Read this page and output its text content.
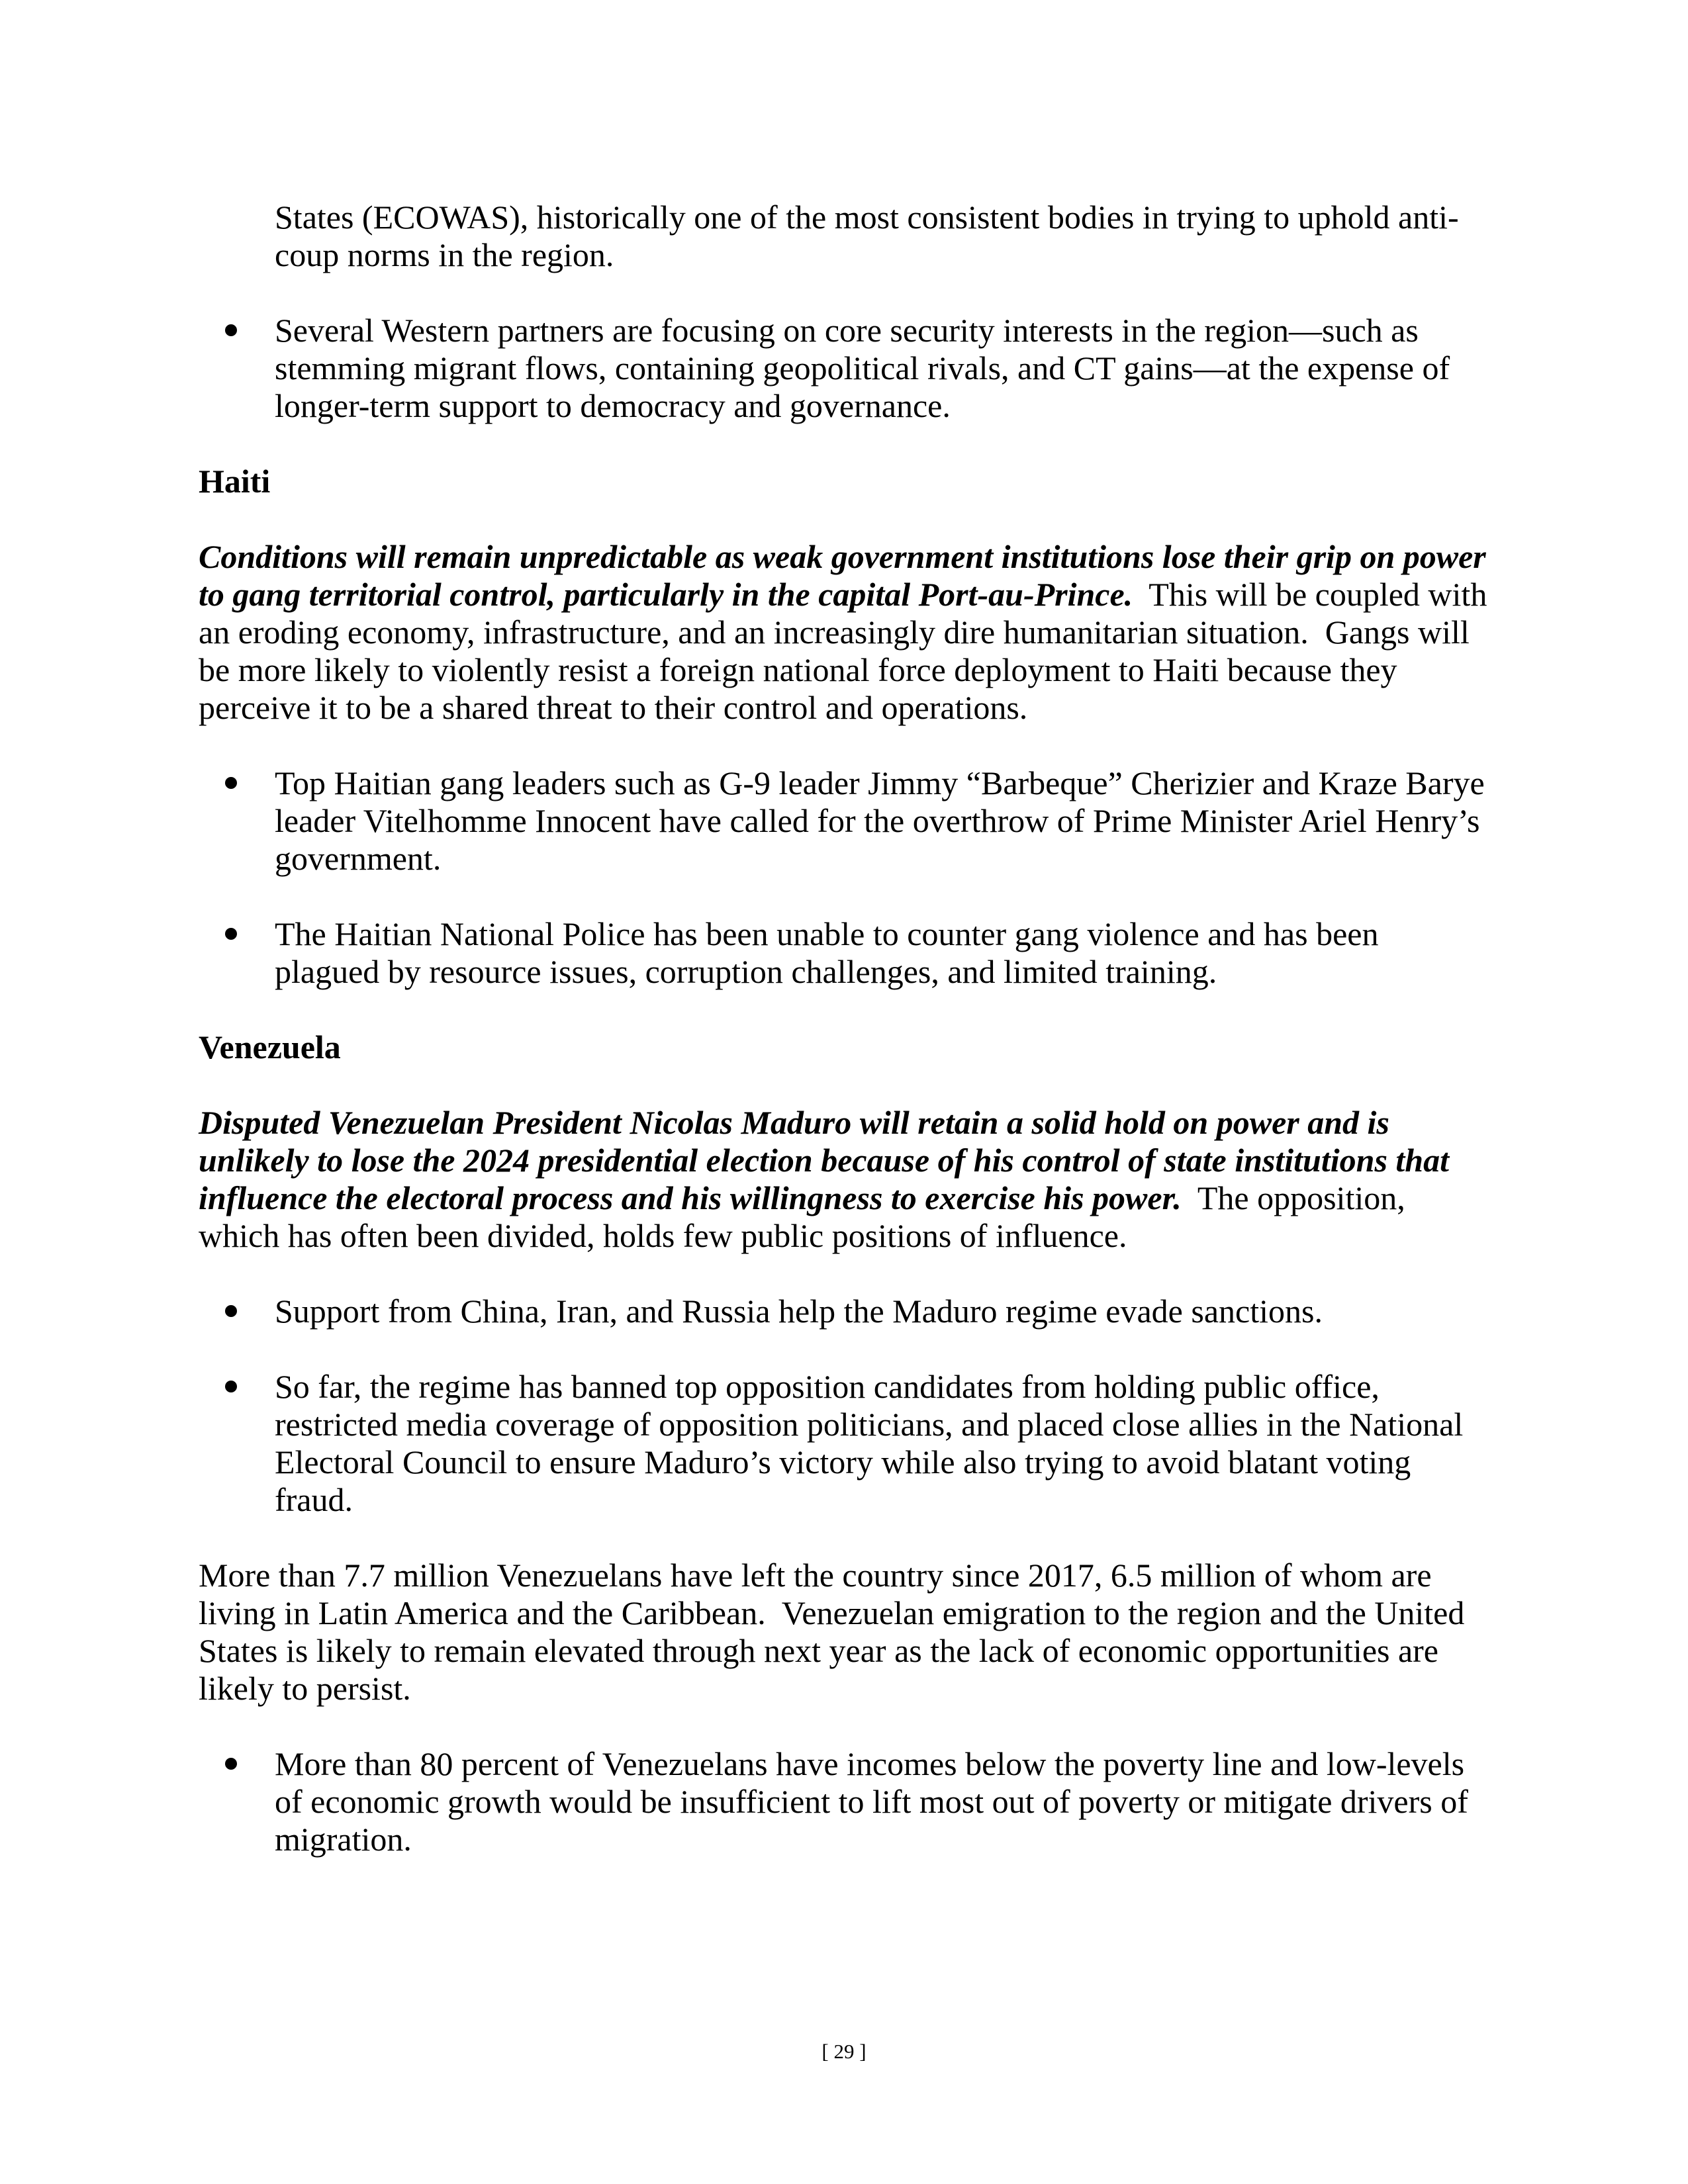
States (ECOWAS), historically one of the most consistent bodies in trying to uphold anti-coup norms in the region.

Several Western partners are focusing on core security interests in the region—such as stemming migrant flows, containing geopolitical rivals, and CT gains—at the expense of longer-term support to democracy and governance.
Haiti

Conditions will remain unpredictable as weak government institutions lose their grip on power to gang territorial control, particularly in the capital Port-au-Prince.  This will be coupled with an eroding economy, infrastructure, and an increasingly dire humanitarian situation.  Gangs will be more likely to violently resist a foreign national force deployment to Haiti because they perceive it to be a shared threat to their control and operations.

Top Haitian gang leaders such as G-9 leader Jimmy “Barbeque” Cherizier and Kraze Barye leader Vitelhomme Innocent have called for the overthrow of Prime Minister Ariel Henry’s government.
The Haitian National Police has been unable to counter gang violence and has been plagued by resource issues, corruption challenges, and limited training.
Venezuela

Disputed Venezuelan President Nicolas Maduro will retain a solid hold on power and is unlikely to lose the 2024 presidential election because of his control of state institutions that influence the electoral process and his willingness to exercise his power.  The opposition, which has often been divided, holds few public positions of influence.

Support from China, Iran, and Russia help the Maduro regime evade sanctions.
So far, the regime has banned top opposition candidates from holding public office, restricted media coverage of opposition politicians, and placed close allies in the National Electoral Council to ensure Maduro’s victory while also trying to avoid blatant voting fraud.

More than 7.7 million Venezuelans have left the country since 2017, 6.5 million of whom are living in Latin America and the Caribbean.  Venezuelan emigration to the region and the United States is likely to remain elevated through next year as the lack of economic opportunities are likely to persist.

More than 80 percent of Venezuelans have incomes below the poverty line and low-levels of economic growth would be insufficient to lift most out of poverty or mitigate drivers of migration.
[ 29 ]
